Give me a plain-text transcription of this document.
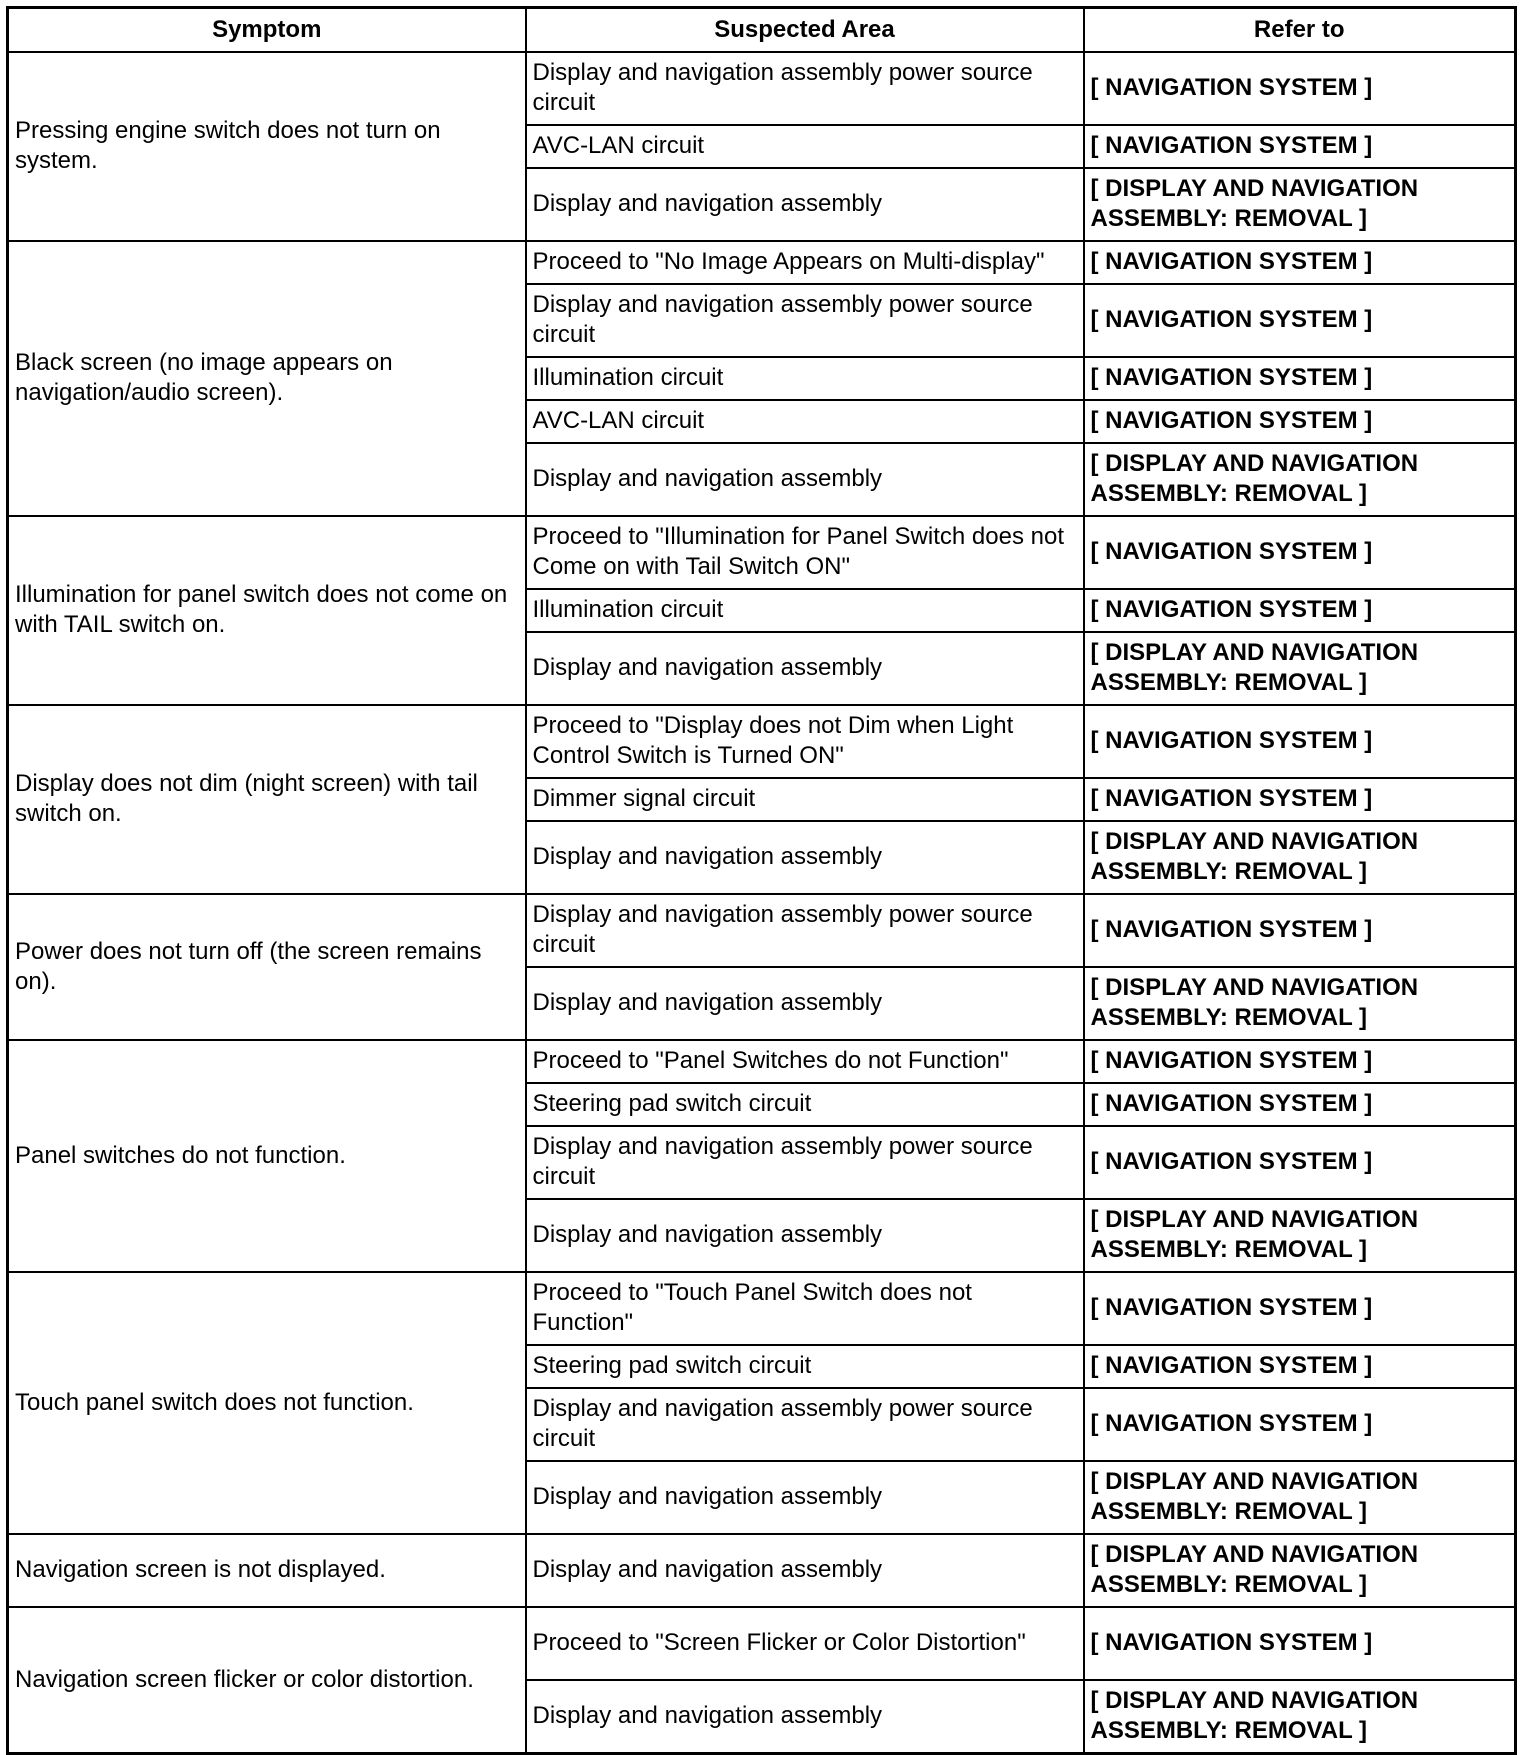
Symptom	Suspected Area	Refer to
Pressing engine switch does not turn on system.	Display and navigation assembly power source circuit	[ NAVIGATION SYSTEM ]
	AVC-LAN circuit	[ NAVIGATION SYSTEM ]
	Display and navigation assembly	[ DISPLAY AND NAVIGATION ASSEMBLY: REMOVAL ]
Black screen (no image appears on navigation/audio screen).	Proceed to "No Image Appears on Multi-display"	[ NAVIGATION SYSTEM ]
	Display and navigation assembly power source circuit	[ NAVIGATION SYSTEM ]
	Illumination circuit	[ NAVIGATION SYSTEM ]
	AVC-LAN circuit	[ NAVIGATION SYSTEM ]
	Display and navigation assembly	[ DISPLAY AND NAVIGATION ASSEMBLY: REMOVAL ]
Illumination for panel switch does not come on with TAIL switch on.	Proceed to "Illumination for Panel Switch does not Come on with Tail Switch ON"	[ NAVIGATION SYSTEM ]
	Illumination circuit	[ NAVIGATION SYSTEM ]
	Display and navigation assembly	[ DISPLAY AND NAVIGATION ASSEMBLY: REMOVAL ]
Display does not dim (night screen) with tail switch on.	Proceed to "Display does not Dim when Light Control Switch is Turned ON"	[ NAVIGATION SYSTEM ]
	Dimmer signal circuit	[ NAVIGATION SYSTEM ]
	Display and navigation assembly	[ DISPLAY AND NAVIGATION ASSEMBLY: REMOVAL ]
Power does not turn off (the screen remains on).	Display and navigation assembly power source circuit	[ NAVIGATION SYSTEM ]
	Display and navigation assembly	[ DISPLAY AND NAVIGATION ASSEMBLY: REMOVAL ]
Panel switches do not function.	Proceed to "Panel Switches do not Function"	[ NAVIGATION SYSTEM ]
	Steering pad switch circuit	[ NAVIGATION SYSTEM ]
	Display and navigation assembly power source circuit	[ NAVIGATION SYSTEM ]
	Display and navigation assembly	[ DISPLAY AND NAVIGATION ASSEMBLY: REMOVAL ]
Touch panel switch does not function.	Proceed to "Touch Panel Switch does not Function"	[ NAVIGATION SYSTEM ]
	Steering pad switch circuit	[ NAVIGATION SYSTEM ]
	Display and navigation assembly power source circuit	[ NAVIGATION SYSTEM ]
	Display and navigation assembly	[ DISPLAY AND NAVIGATION ASSEMBLY: REMOVAL ]
Navigation screen is not displayed.	Display and navigation assembly	[ DISPLAY AND NAVIGATION ASSEMBLY: REMOVAL ]
Navigation screen flicker or color distortion.	Proceed to "Screen Flicker or Color Distortion"	[ NAVIGATION SYSTEM ]
	Display and navigation assembly	[ DISPLAY AND NAVIGATION ASSEMBLY: REMOVAL ]
